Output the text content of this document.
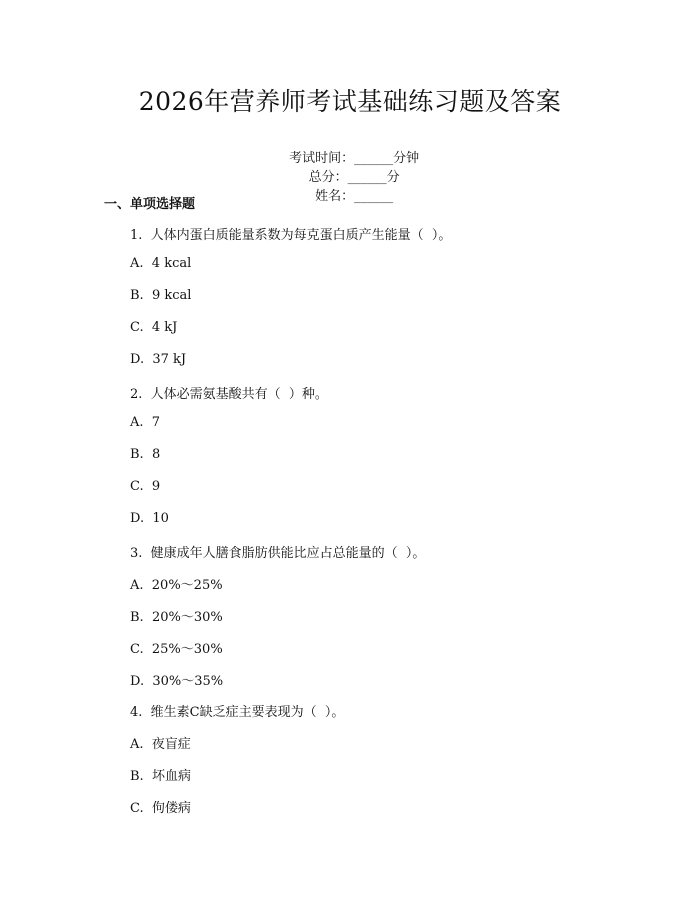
2026年营养师考试基础练习题及答案

考试时间：______分钟
总分：______分
姓名：______

一、单项选择题
1.  人体内蛋白质能量系数为每克蛋白质产生能量（  ）。
A.  4 kcal
B.  9 kcal
C.  4 kJ
D.  37 kJ
2.  人体必需氨基酸共有（  ）种。
A.  7
B.  8
C.  9
D.  10
3.  健康成年人膳食脂肪供能比应占总能量的（  ）。
A.  20%～25%
B.  20%～30%
C.  25%～30%
D.  30%～35%
4.  维生素C缺乏症主要表现为（  ）。
A.  夜盲症
B.  坏血病
C.  佝偻病
